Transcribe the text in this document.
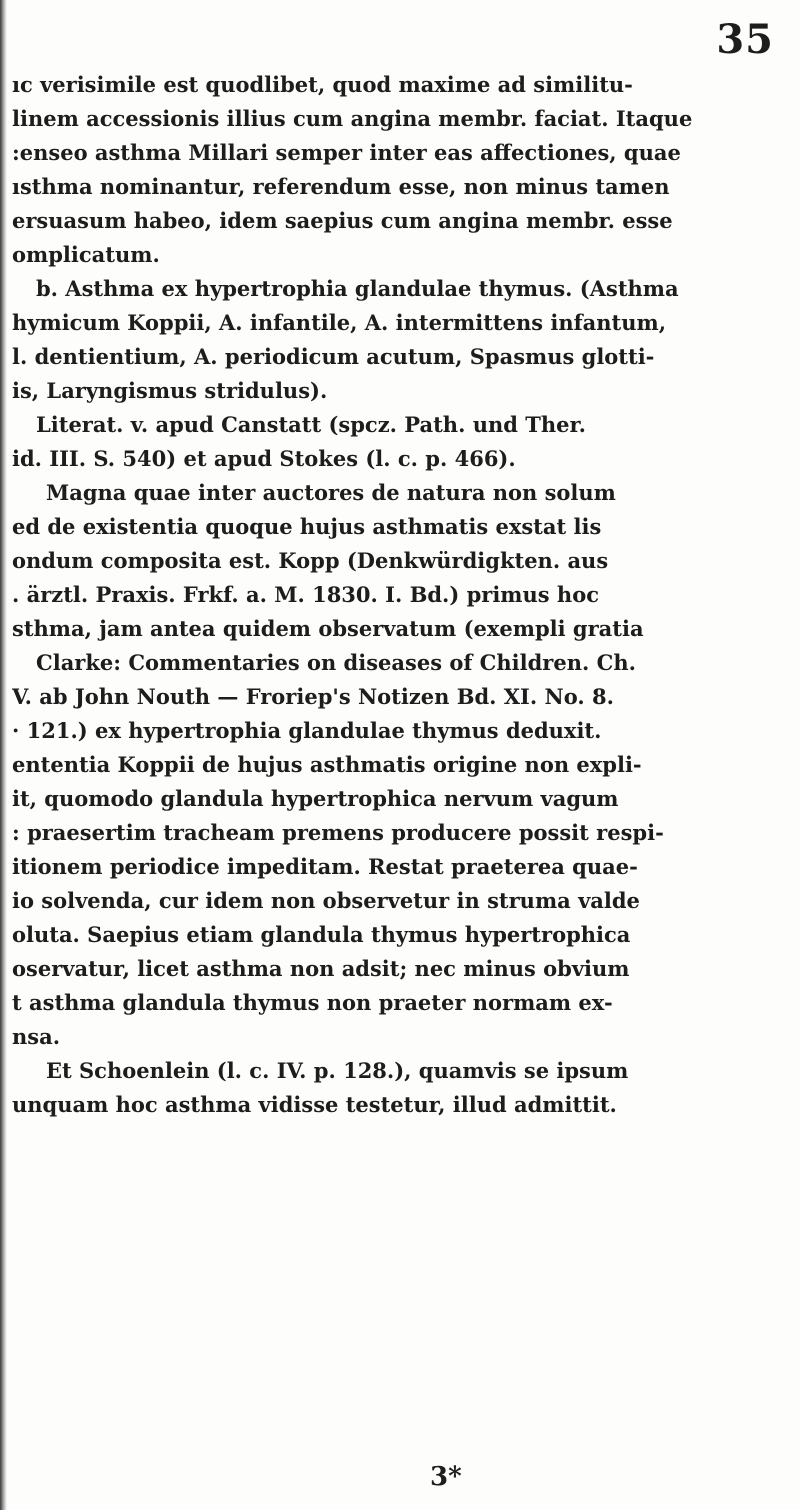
35
ıc verisimile est quodlibet, quod maxime ad similitu-
linem accessionis illius cum angina membr. faciat. Itaque
:enseo asthma Millari semper inter eas affectiones, quae
ısthma nominantur, referendum esse, non minus tamen
ersuasum habeo, idem saepius cum angina membr. esse
omplicatum.
b. Asthma ex hypertrophia glandulae thymus. (Asthma
hymicum Koppii, A. infantile, A. intermittens infantum,
l. dentientium, A. periodicum acutum, Spasmus glotti-
is, Laryngismus stridulus).
Literat. v. apud Canstatt (spcz. Path. und Ther.
id. III. S. 540) et apud Stokes (l. c. p. 466).
Magna quae inter auctores de natura non solum
ed de existentia quoque hujus asthmatis exstat lis
ondum composita est. Kopp (Denkwürdigkten. aus
. ärztl. Praxis. Frkf. a. M. 1830. I. Bd.) primus hoc
sthma, jam antea quidem observatum (exempli gratia
Clarke: Commentaries on diseases of Children. Ch.
V. ab John Nouth — Froriep's Notizen Bd. XI. No. 8.
· 121.) ex hypertrophia glandulae thymus deduxit.
ententia Koppii de hujus asthmatis origine non expli-
it, quomodo glandula hypertrophica nervum vagum
: praesertim tracheam premens producere possit respi-
itionem periodice impeditam. Restat praeterea quae-
io solvenda, cur idem non observetur in struma valde
oluta. Saepius etiam glandula thymus hypertrophica
oservatur, licet asthma non adsit; nec minus obvium
t asthma glandula thymus non praeter normam ex-
nsa.
Et Schoenlein (l. c. IV. p. 128.), quamvis se ipsum
unquam hoc asthma vidisse testetur, illud admittit.
3*
